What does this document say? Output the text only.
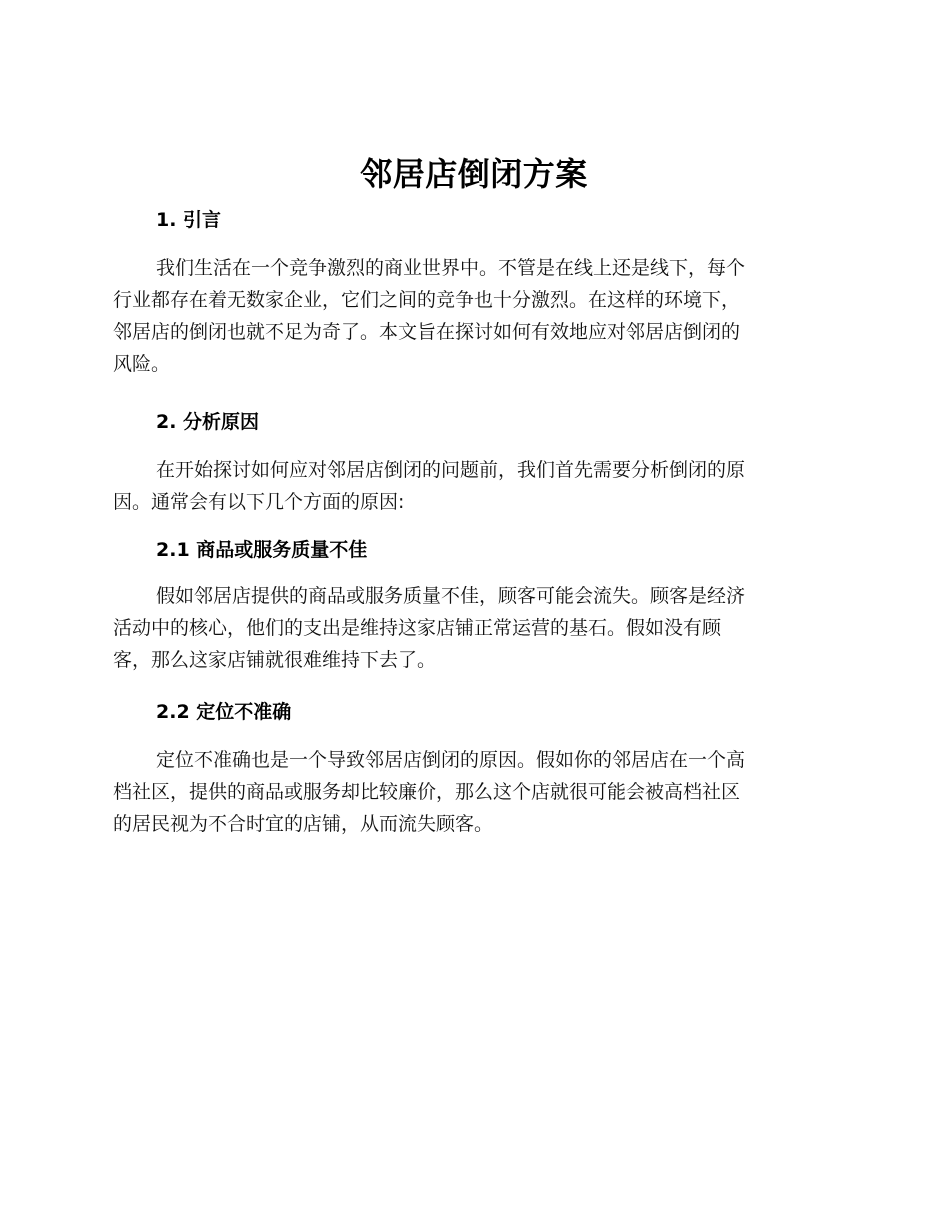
邻居店倒闭方案
1. 引言
我们生活在一个竞争激烈的商业世界中。不管是在线上还是线下，每个
行业都存在着无数家企业，它们之间的竞争也十分激烈。在这样的环境下，
邻居店的倒闭也就不足为奇了。本文旨在探讨如何有效地应对邻居店倒闭的
风险。
2. 分析原因
在开始探讨如何应对邻居店倒闭的问题前，我们首先需要分析倒闭的原
因。通常会有以下几个方面的原因:
2.1 商品或服务质量不佳
假如邻居店提供的商品或服务质量不佳，顾客可能会流失。顾客是经济
活动中的核心，他们的支出是维持这家店铺正常运营的基石。假如没有顾
客，那么这家店铺就很难维持下去了。
2.2 定位不准确
定位不准确也是一个导致邻居店倒闭的原因。假如你的邻居店在一个高
档社区，提供的商品或服务却比较廉价，那么这个店就很可能会被高档社区
的居民视为不合时宜的店铺，从而流失顾客。
